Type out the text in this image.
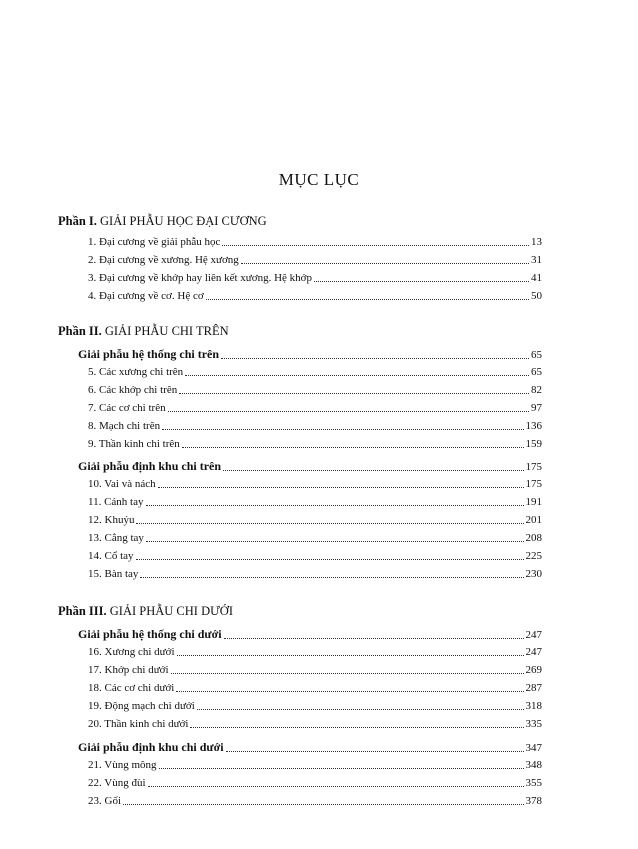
MỤC LỤC
Phần I. GIẢI PHẪU HỌC ĐẠI CƯƠNG
1. Đại cương về giải phẫu học	13
2. Đại cương về xương. Hệ xương	31
3. Đại cương về khớp hay liên kết xương. Hệ khớp	41
4. Đại cương về cơ. Hệ cơ	50
Phần II. GIẢI PHẪU CHI TRÊN
Giải phẫu hệ thống chi trên	65
5. Các xương chi trên	65
6. Các khớp chi trên	82
7. Các cơ chi trên	97
8. Mạch chi trên	136
9. Thần kinh chi trên	159
Giải phẫu định khu chi trên	175
10. Vai và nách	175
11. Cánh tay	191
12. Khuỷu	201
13. Cẳng tay	208
14. Cổ tay	225
15. Bàn tay	230
Phần III. GIẢI PHẪU CHI DƯỚI
Giải phẫu hệ thống chi dưới	247
16. Xương chi dưới	247
17. Khớp chi dưới	269
18. Các cơ chi dưới	287
19. Động mạch chi dưới	318
20. Thần kinh chi dưới	335
Giải phẫu định khu chi dưới	347
21. Vùng mông	348
22. Vùng đùi	355
23. Gối	378
